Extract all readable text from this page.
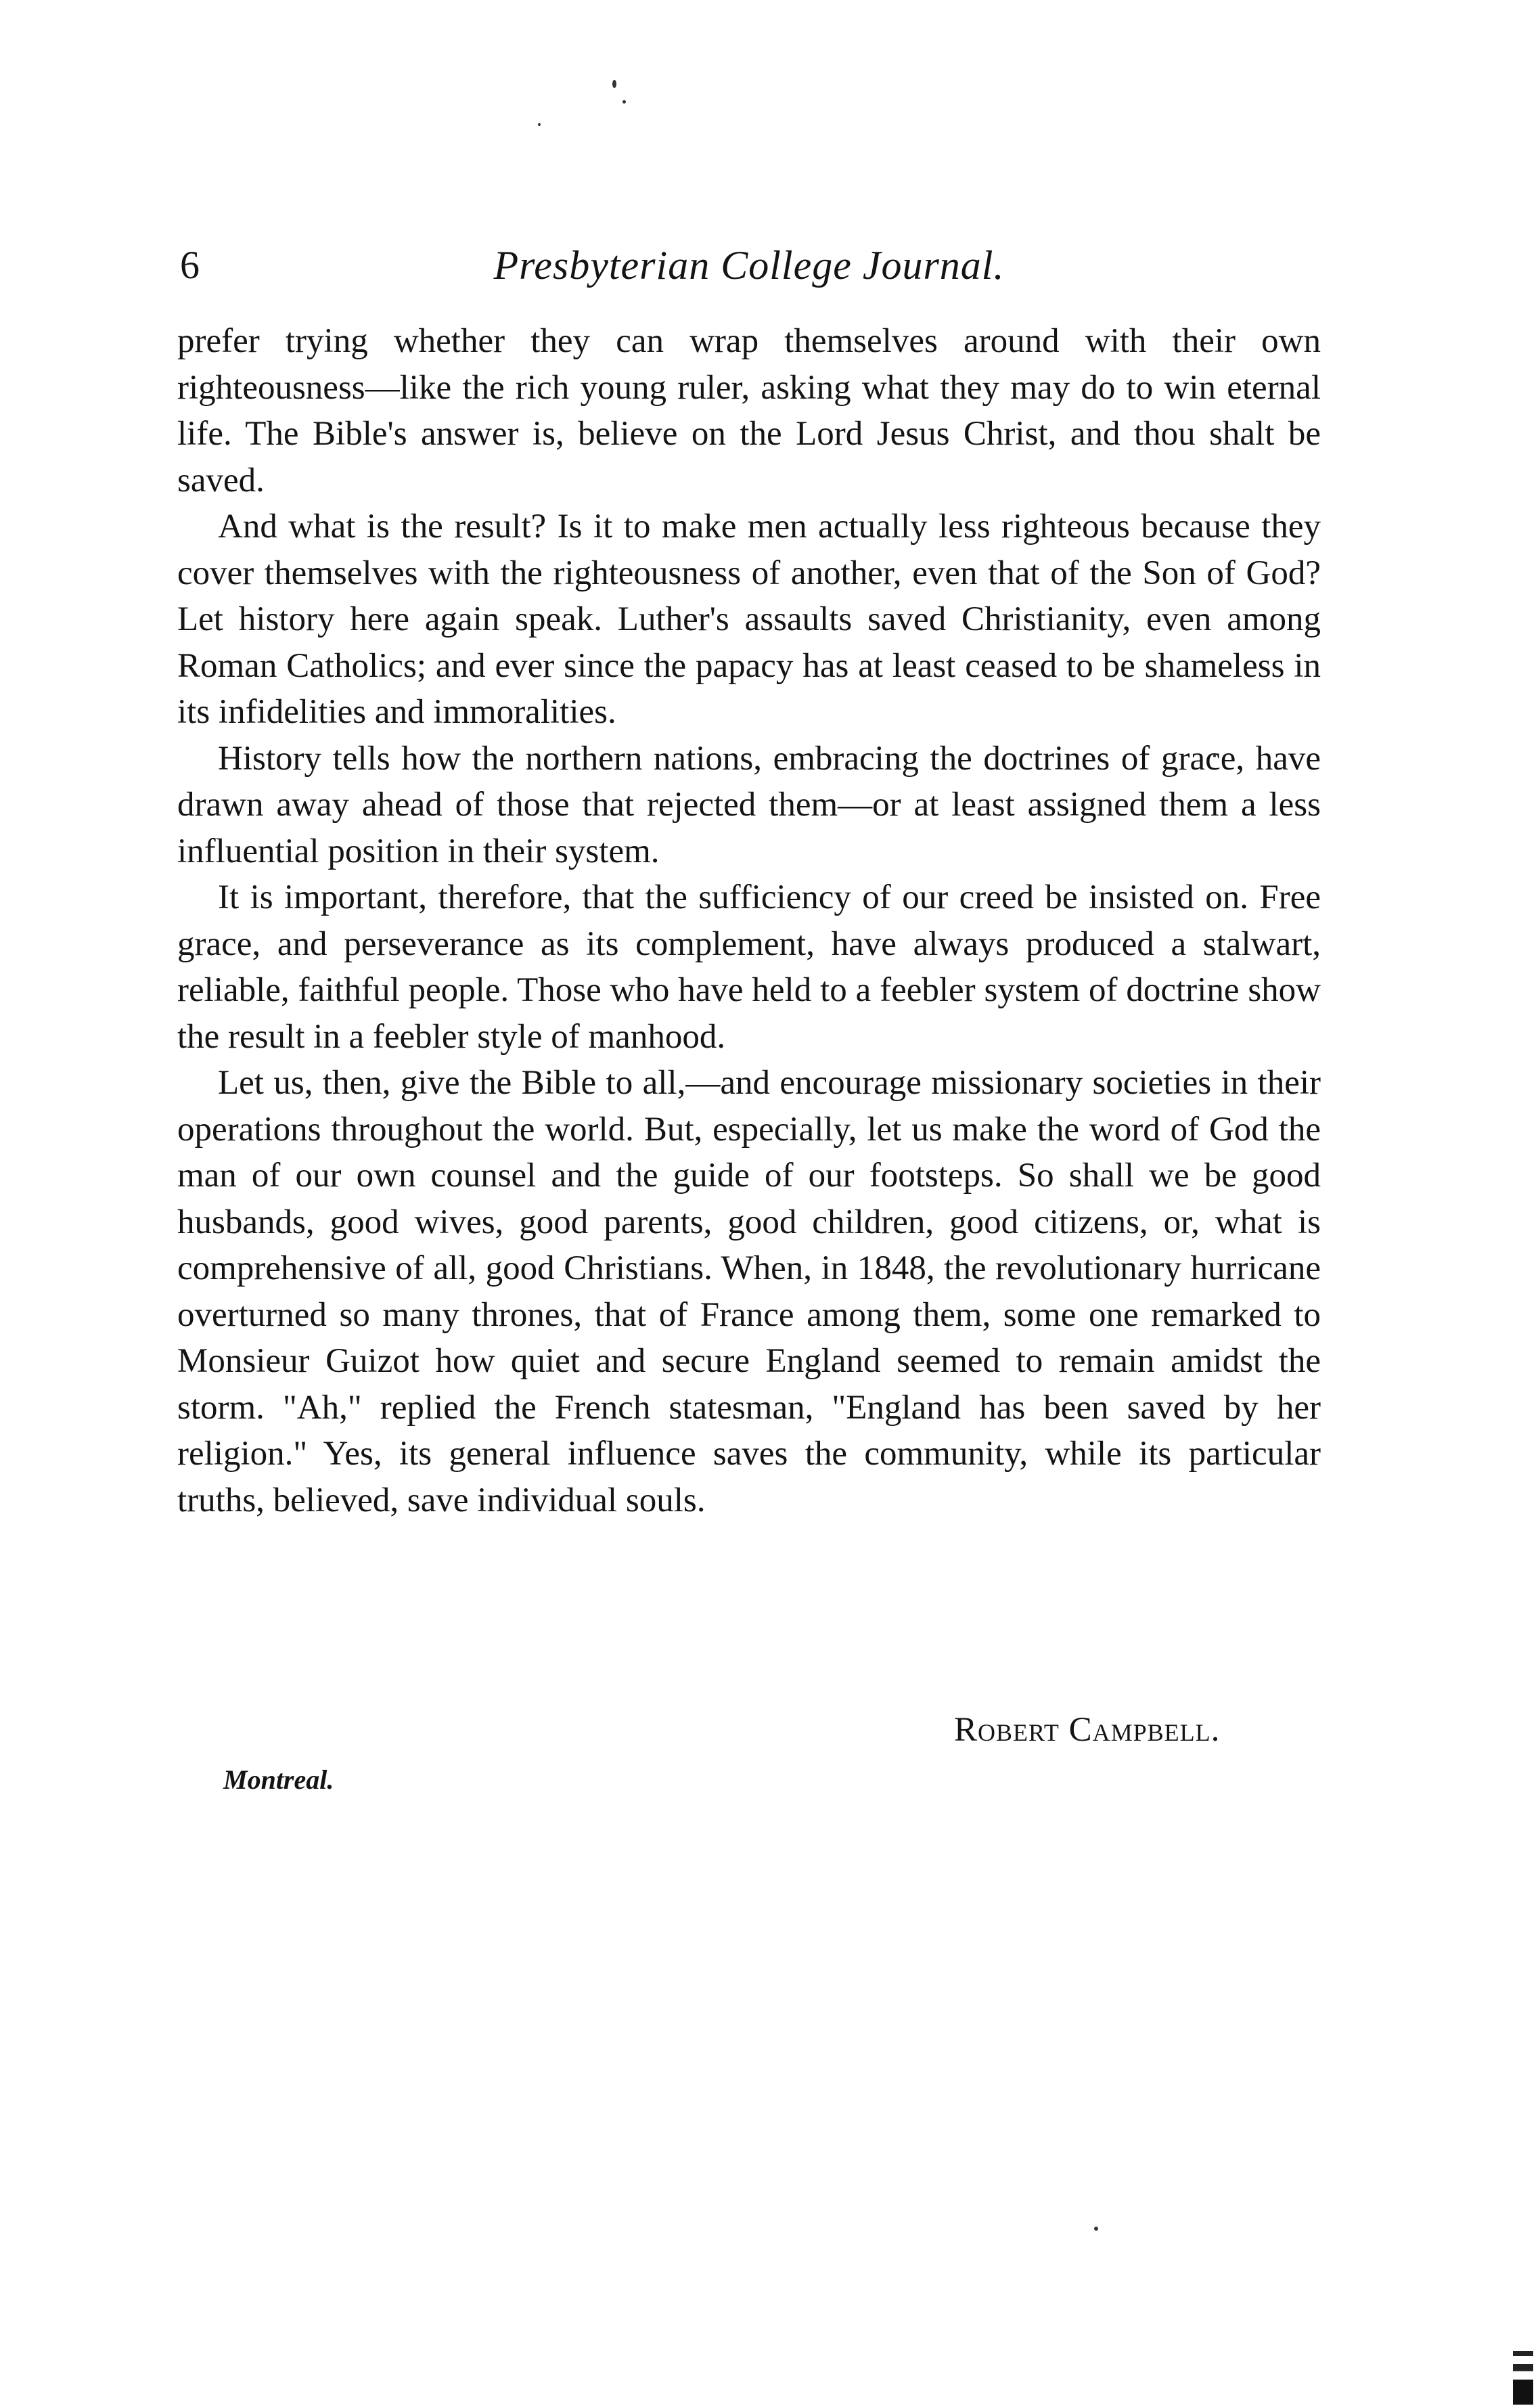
6	Presbyterian College Journal.

prefer trying whether they can wrap themselves around with their own righteousness—like the rich young ruler, asking what they may do to win eternal life. The Bible's answer is, believe on the Lord Jesus Christ, and thou shalt be saved.

And what is the result? Is it to make men actually less righteous because they cover themselves with the righteousness of another, even that of the Son of God? Let history here again speak. Luther's assaults saved Christianity, even among Roman Catholics; and ever since the papacy has at least ceased to be shameless in its infidelities and immoralities.

History tells how the northern nations, embracing the doctrines of grace, have drawn away ahead of those that rejected them—or at least assigned them a less influential position in their system.

It is important, therefore, that the sufficiency of our creed be insisted on. Free grace, and perseverance as its complement, have always produced a stalwart, reliable, faithful people. Those who have held to a feebler system of doctrine show the result in a feebler style of manhood.

Let us, then, give the Bible to all,—and encourage missionary societies in their operations throughout the world. But, especially, let us make the word of God the man of our own counsel and the guide of our footsteps. So shall we be good husbands, good wives, good parents, good children, good citizens, or, what is comprehensive of all, good Christians. When, in 1848, the revolutionary hurricane overturned so many thrones, that of France among them, some one remarked to Monsieur Guizot how quiet and secure England seemed to remain amidst the storm. "Ah," replied the French statesman, "England has been saved by her religion." Yes, its general influence saves the community, while its particular truths, believed, save individual souls.

Robert Campbell.
Montreal.
